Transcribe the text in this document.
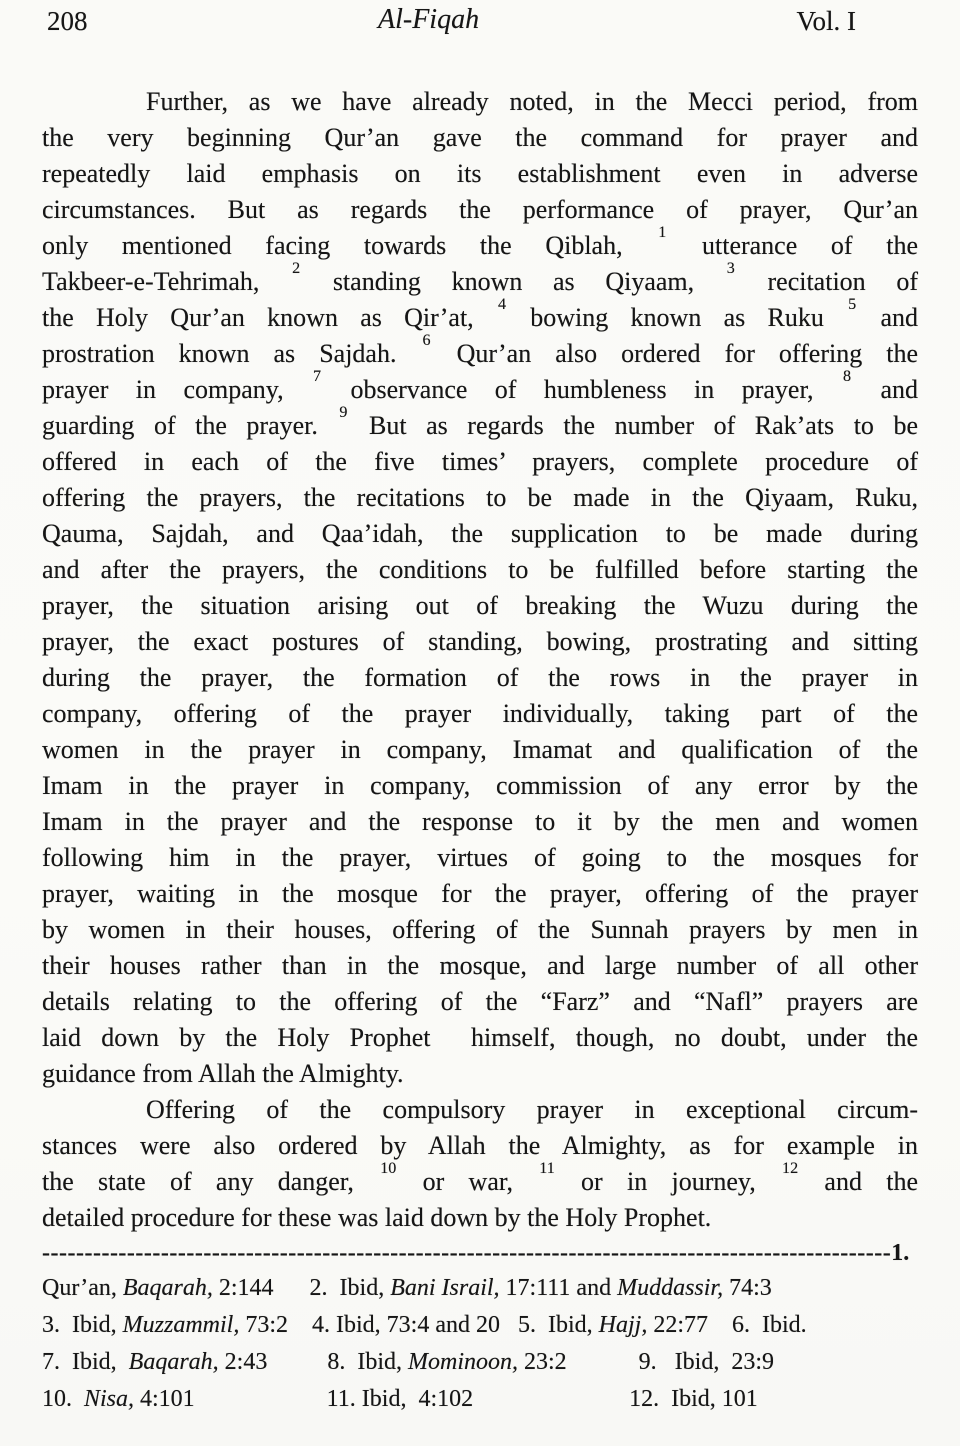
208	Al-Fiqah	Vol. I
Further, as we have already noted, in the Mecci period, from
the very beginning Qur’an gave the command for prayer and
repeatedly laid emphasis on its establishment even in adverse
circumstances. But as regards the performance of prayer, Qur’an
only mentioned facing towards the Qiblah, $^1$ utterance of the
Takbeer-e-Tehrimah, $^2$ standing known as Qiyaam, $^3$ recitation of
the Holy Qur’an known as Qir’at, $^4$ bowing known as Ruku $^5$ and
prostration known as Sajdah. $^6$ Qur’an also ordered for offering the
prayer in company, $^7$ observance of humbleness in prayer, $^8$ and
guarding of the prayer. $^9$ But as regards the number of Rak’ats to be
offered in each of the five times’ prayers, complete procedure of
offering the prayers, the recitations to be made in the Qiyaam, Ruku,
Qauma, Sajdah, and Qaa’idah, the supplication to be made during
and after the prayers, the conditions to be fulfilled before starting the
prayer, the situation arising out of breaking the Wuzu during the
prayer, the exact postures of standing, bowing, prostrating and sitting
during the prayer, the formation of the rows in the prayer in
company, offering of the prayer individually, taking part of the
women in the prayer in company, Imamat and qualification of the
Imam in the prayer in company, commission of any error by the
Imam in the prayer and the response to it by the men and women
following him in the prayer, virtues of going to the mosques for
prayer, waiting in the mosque for the prayer, offering of the prayer
by women in their houses, offering of the Sunnah prayers by men in
their houses rather than in the mosque, and large number of all other
details relating to the offering of the “Farz” and “Nafl” prayers are
laid down by the Holy Prophet  himself, though, no doubt, under the
guidance from Allah the Almighty.
Offering of the compulsory prayer in exceptional circum-
stances were also ordered by Allah the Almighty, as for example in
the state of any danger, $^{10}$ or war, $^{11}$ or in journey, $^{12}$ and the
detailed procedure for these was laid down by the Holy Prophet.
----------------------------------------------------------------------------------------------------1.
Qur’an, Baqarah, 2:144      2.  Ibid, Bani Israil, 17:111 and Muddassir, 74:3
3.  Ibid, Muzzammil, 73:2    4. Ibid, 73:4 and 20   5.  Ibid, Hajj, 22:77    6.  Ibid.
7.  Ibid,  Baqarah, 2:43          8.  Ibid, Mominoon, 23:2            9.   Ibid,  23:9
10.  Nisa, 4:101                      11. Ibid,  4:102                          12.  Ibid, 101
